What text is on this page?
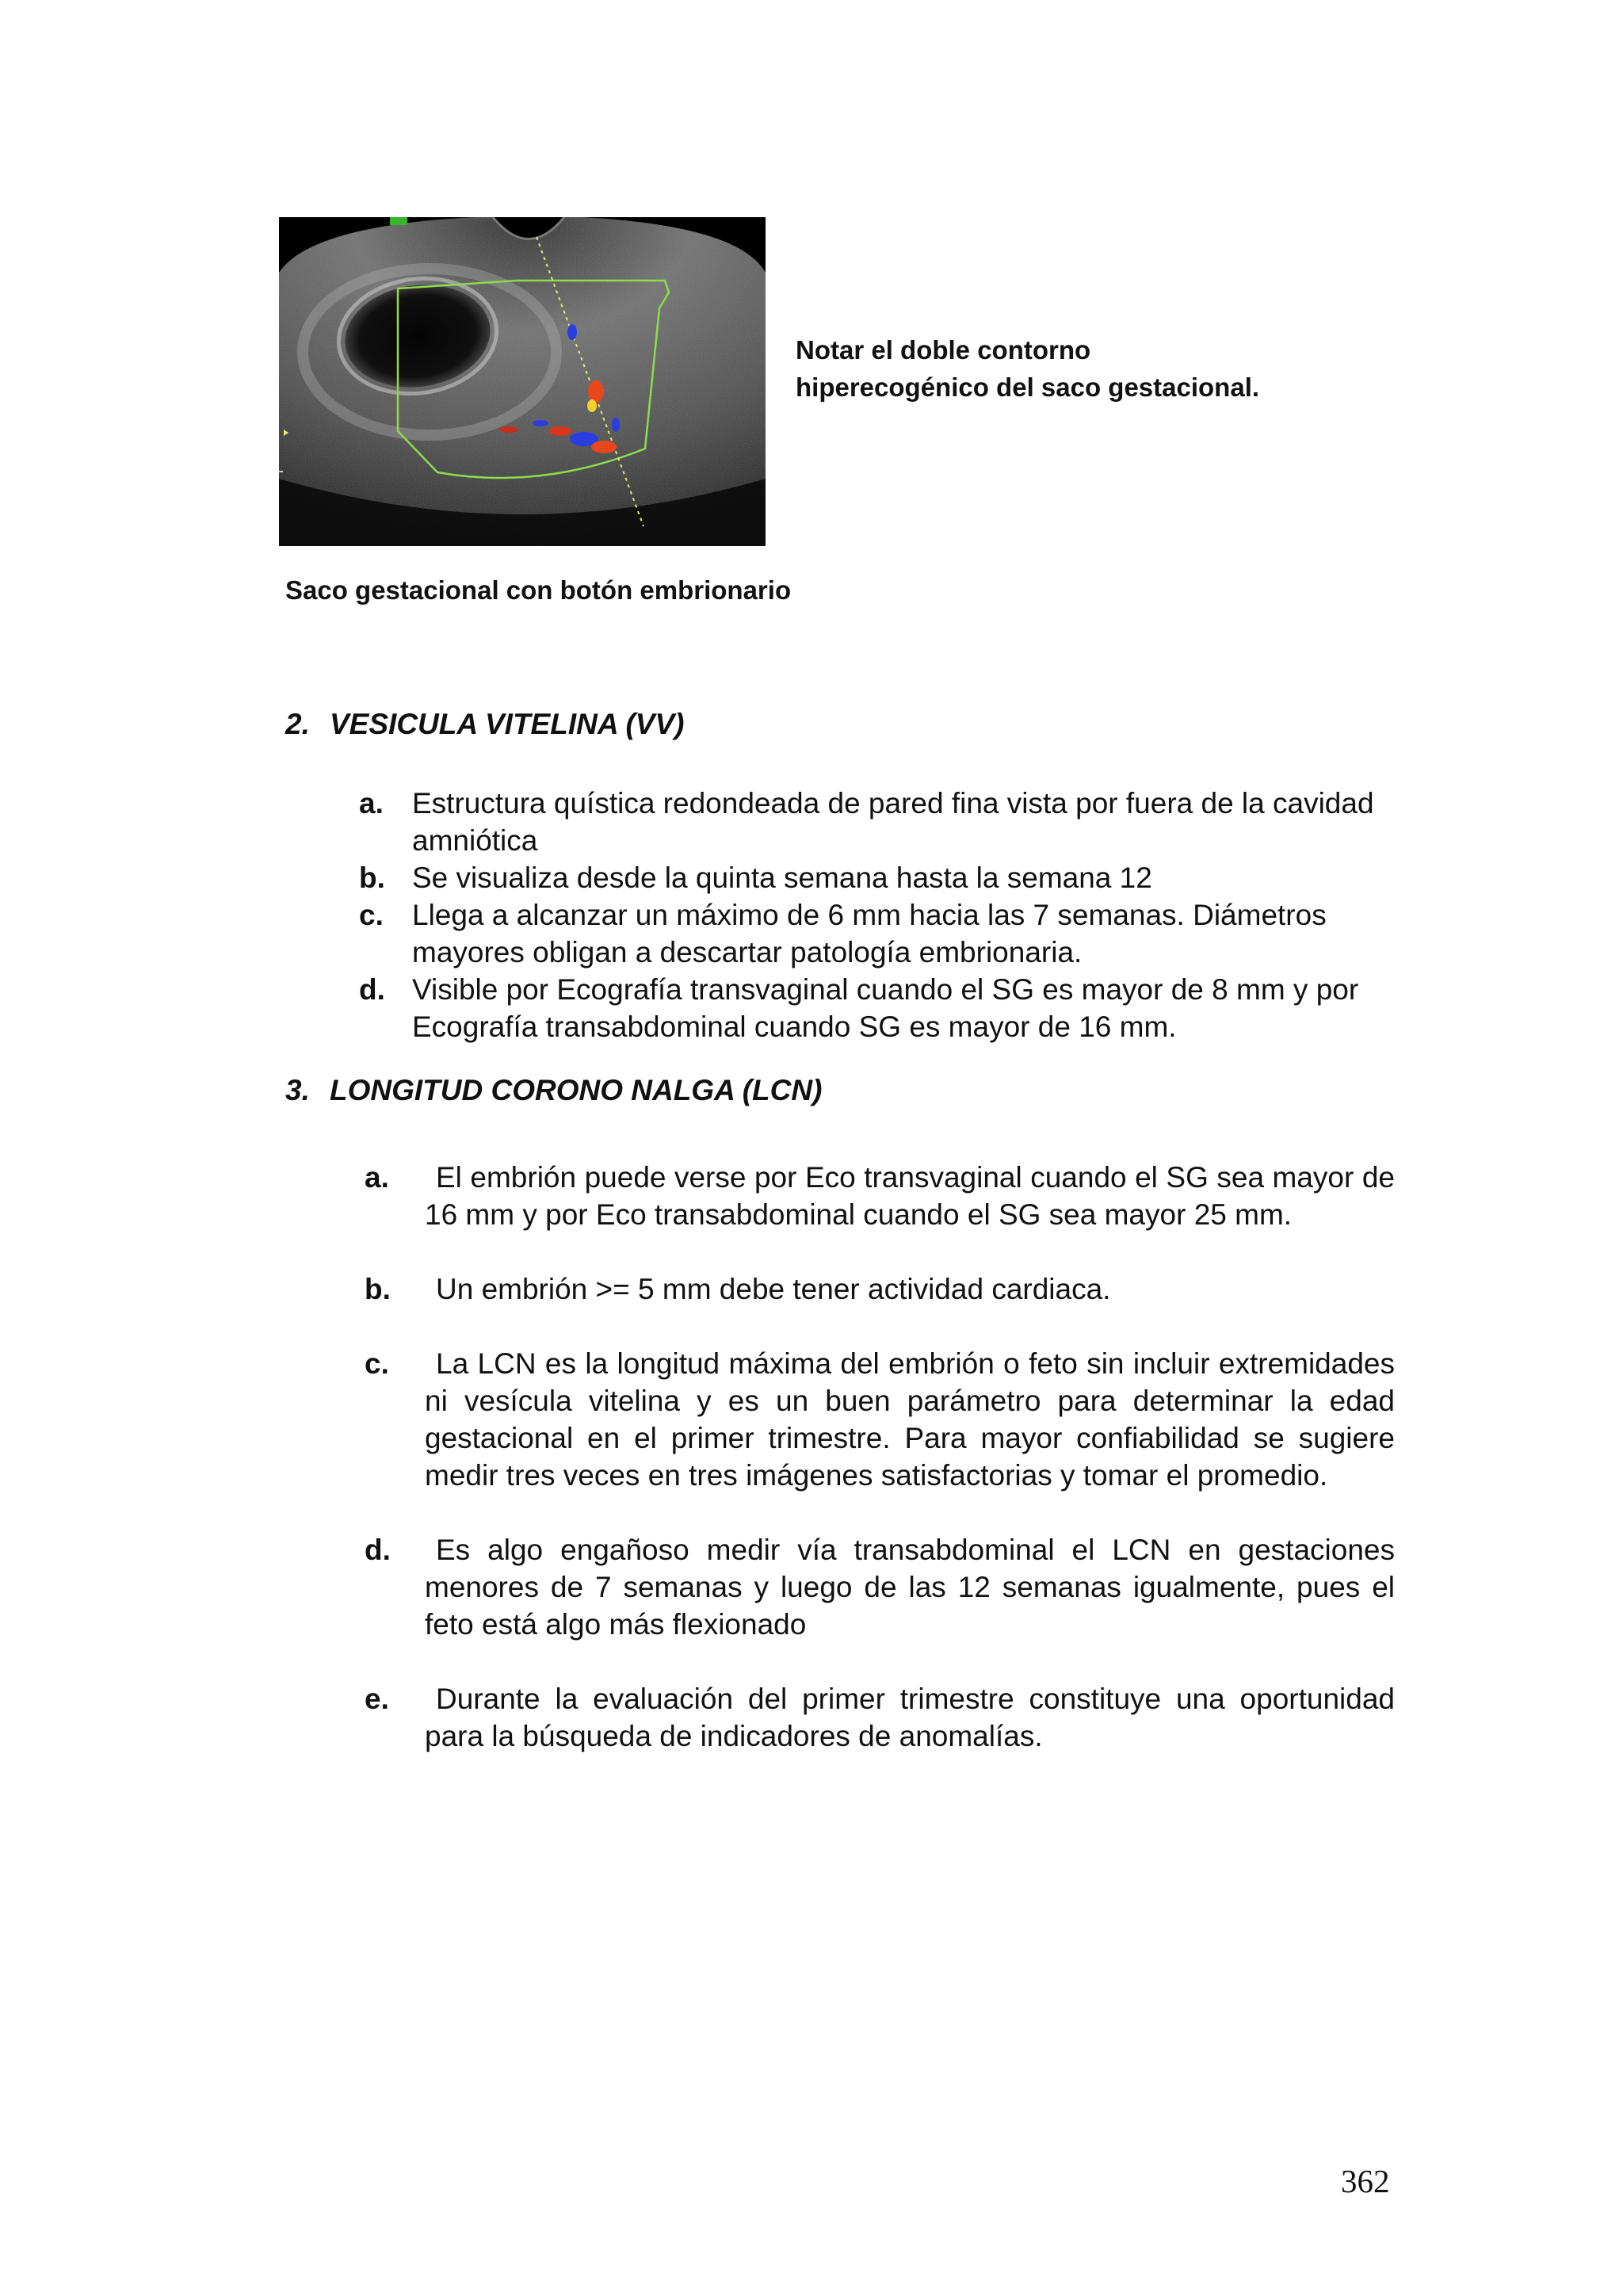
Notar el doble contorno
hiperecogénico del saco gestacional.
Saco gestacional con botón embrionario
2. VESICULA VITELINA (VV)
a. Estructura quística redondeada de pared fina vista por fuera de la cavidad amniótica
b. Se visualiza desde la quinta semana hasta la semana 12
c. Llega a alcanzar un máximo de 6 mm hacia las 7 semanas. Diámetros mayores obligan a descartar patología embrionaria.
d. Visible por Ecografía transvaginal cuando el SG es mayor de 8 mm y por Ecografía transabdominal cuando SG es mayor de 16 mm.
3. LONGITUD CORONO NALGA (LCN)
a.	El embrión puede verse por Eco transvaginal cuando el SG sea mayor de 16 mm y por Eco transabdominal cuando el SG sea mayor 25 mm.
b.	Un embrión >= 5 mm debe tener actividad cardiaca.
c.	La LCN es la longitud máxima del embrión o feto sin incluir extremidades ni vesícula vitelina y es un buen parámetro para determinar la edad gestacional en el primer trimestre. Para mayor confiabilidad se sugiere medir tres veces en tres imágenes satisfactorias y tomar el promedio.
d.	Es algo engañoso medir vía transabdominal el LCN en gestaciones menores de 7 semanas y luego de las 12 semanas igualmente, pues el feto está algo más flexionado
e.	Durante la evaluación del primer trimestre constituye una oportunidad para la búsqueda de indicadores de anomalías.
362
